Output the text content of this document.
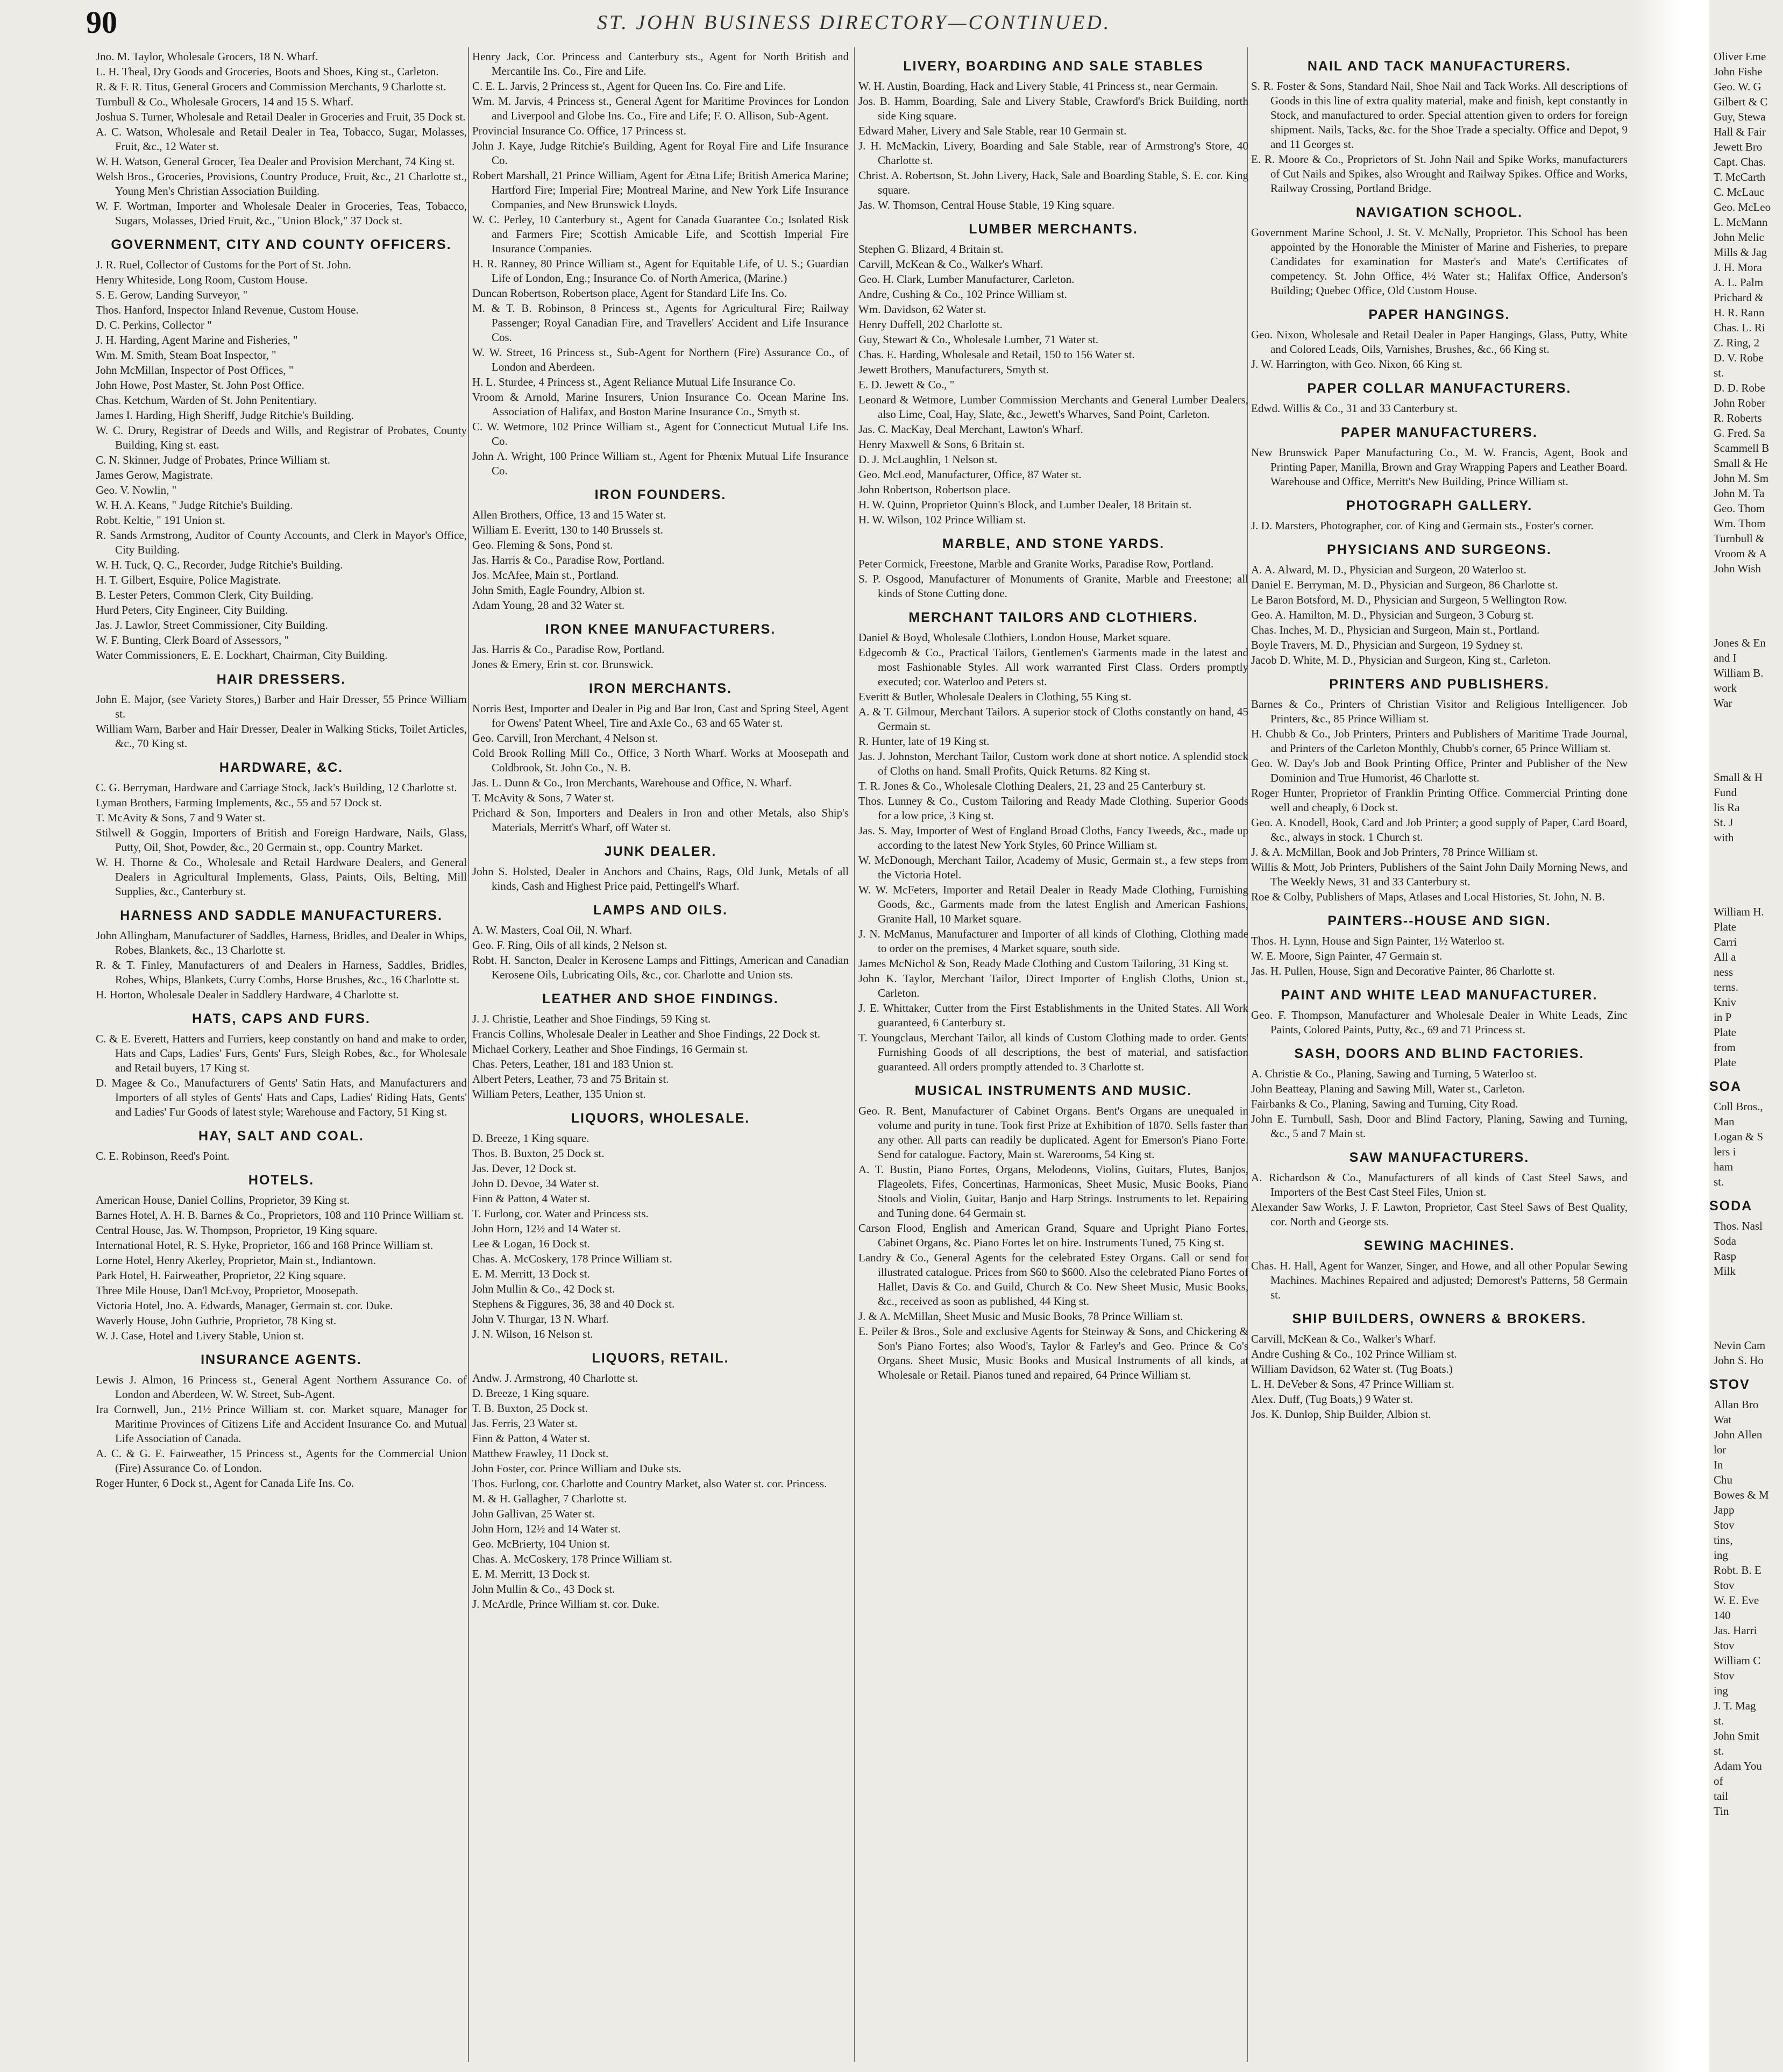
90	ST. JOHN BUSINESS DIRECTORY—CONTINUED.
Jno. M. Taylor, Wholesale Grocers, 18 N. Wharf.
L. H. Theal, Dry Goods and Groceries, Boots and Shoes, King st., Carleton.
R. & F. R. Titus, General Grocers and Commission Merchants, 9 Charlotte st.
Turnbull & Co., Wholesale Grocers, 14 and 15 S. Wharf.
Joshua S. Turner, Wholesale and Retail Dealer in Groceries and Fruit, 35 Dock st.
A. C. Watson, Wholesale and Retail Dealer in Tea, Tobacco, Sugar, Molasses, Fruit, &c., 12 Water st.
W. H. Watson, General Grocer, Tea Dealer and Provision Merchant, 74 King st.
Welsh Bros., Groceries, Provisions, Country Produce, Fruit, &c., 21 Charlotte st., Young Men's Christian Association Building.
W. F. Wortman, Importer and Wholesale Dealer in Groceries, Teas, Tobacco, Sugars, Molasses, Dried Fruit, &c., "Union Block," 37 Dock st.
GOVERNMENT, CITY AND COUNTY OFFICERS.
J. R. Ruel, Collector of Customs for the Port of St. John.
Henry Whiteside, Long Room, Custom House.
S. E. Gerow, Landing Surveyor, "
Thos. Hanford, Inspector Inland Revenue, Custom House.
D. C. Perkins, Collector "
J. H. Harding, Agent Marine and Fisheries, "
Wm. M. Smith, Steam Boat Inspector, "
John McMillan, Inspector of Post Offices, "
John Howe, Post Master, St. John Post Office.
Chas. Ketchum, Warden of St. John Penitentiary.
James I. Harding, High Sheriff, Judge Ritchie's Building.
W. C. Drury, Registrar of Deeds and Wills, and Registrar of Probates, County Building, King st. east.
C. N. Skinner, Judge of Probates, Prince William st.
James Gerow, Magistrate.
Geo. V. Nowlin, "
W. H. A. Keans, " Judge Ritchie's Building.
Robt. Keltie, " 191 Union st.
R. Sands Armstrong, Auditor of County Accounts, and Clerk in Mayor's Office, City Building.
W. H. Tuck, Q. C., Recorder, Judge Ritchie's Building.
H. T. Gilbert, Esquire, Police Magistrate.
B. Lester Peters, Common Clerk, City Building.
Hurd Peters, City Engineer, City Building.
Jas. J. Lawlor, Street Commissioner, City Building.
W. F. Bunting, Clerk Board of Assessors, "
Water Commissioners, E. E. Lockhart, Chairman, City Building.
HAIR DRESSERS.
John E. Major, (see Variety Stores,) Barber and Hair Dresser, 55 Prince William st.
William Warn, Barber and Hair Dresser, Dealer in Walking Sticks, Toilet Articles, &c., 70 King st.
HARDWARE, &C.
C. G. Berryman, Hardware and Carriage Stock, Jack's Building, 12 Charlotte st.
Lyman Brothers, Farming Implements, &c., 55 and 57 Dock st.
T. McAvity & Sons, 7 and 9 Water st.
Stilwell & Goggin, Importers of British and Foreign Hardware, Nails, Glass, Putty, Oil, Shot, Powder, &c., 20 Germain st., opp. Country Market.
W. H. Thorne & Co., Wholesale and Retail Hardware Dealers, and General Dealers in Agricultural Implements, Glass, Paints, Oils, Belting, Mill Supplies, &c., Canterbury st.
HARNESS AND SADDLE MANUFACTURERS.
John Allingham, Manufacturer of Saddles, Harness, Bridles, and Dealer in Whips, Robes, Blankets, &c., 13 Charlotte st.
R. & T. Finley, Manufacturers of and Dealers in Harness, Saddles, Bridles, Robes, Whips, Blankets, Curry Combs, Horse Brushes, &c., 16 Charlotte st.
H. Horton, Wholesale Dealer in Saddlery Hardware, 4 Charlotte st.
HATS, CAPS AND FURS.
C. & E. Everett, Hatters and Furriers, keep constantly on hand and make to order, Hats and Caps, Ladies' Furs, Gents' Furs, Sleigh Robes, &c., for Wholesale and Retail buyers, 17 King st.
D. Magee & Co., Manufacturers of Gents' Satin Hats, and Manufacturers and Importers of all styles of Gents' Hats and Caps, Ladies' Riding Hats, Gents' and Ladies' Fur Goods of latest style; Warehouse and Factory, 51 King st.
HAY, SALT AND COAL.
C. E. Robinson, Reed's Point.
HOTELS.
American House, Daniel Collins, Proprietor, 39 King st.
Barnes Hotel, A. H. B. Barnes & Co., Proprietors, 108 and 110 Prince William st.
Central House, Jas. W. Thompson, Proprietor, 19 King square.
International Hotel, R. S. Hyke, Proprietor, 166 and 168 Prince William st.
Lorne Hotel, Henry Akerley, Proprietor, Main st., Indiantown.
Park Hotel, H. Fairweather, Proprietor, 22 King square.
Three Mile House, Dan'l McEvoy, Proprietor, Moosepath.
Victoria Hotel, Jno. A. Edwards, Manager, Germain st. cor. Duke.
Waverly House, John Guthrie, Proprietor, 78 King st.
W. J. Case, Hotel and Livery Stable, Union st.
INSURANCE AGENTS.
Lewis J. Almon, 16 Princess st., General Agent Northern Assurance Co. of London and Aberdeen, W. W. Street, Sub-Agent.
Ira Cornwell, Jun., 21½ Prince William st. cor. Market square, Manager for Maritime Provinces of Citizens Life and Accident Insurance Co. and Mutual Life Association of Canada.
A. C. & G. E. Fairweather, 15 Princess st., Agents for the Commercial Union (Fire) Assurance Co. of London.
Roger Hunter, 6 Dock st., Agent for Canada Life Ins. Co.
Henry Jack, Cor. Princess and Canterbury sts., Agent for North British and Mercantile Ins. Co., Fire and Life.
C. E. L. Jarvis, 2 Princess st., Agent for Queen Ins. Co. Fire and Life.
Wm. M. Jarvis, 4 Princess st., General Agent for Maritime Provinces for London and Liverpool and Globe Ins. Co., Fire and Life; F. O. Allison, Sub-Agent.
Provincial Insurance Co. Office, 17 Princess st.
John J. Kaye, Judge Ritchie's Building, Agent for Royal Fire and Life Insurance Co.
Robert Marshall, 21 Prince William, Agent for Ætna Life; British America Marine; Hartford Fire; Imperial Fire; Montreal Marine, and New York Life Insurance Companies, and New Brunswick Lloyds.
W. C. Perley, 10 Canterbury st., Agent for Canada Guarantee Co.; Isolated Risk and Farmers Fire; Scottish Amicable Life, and Scottish Imperial Fire Insurance Companies.
H. R. Ranney, 80 Prince William st., Agent for Equitable Life, of U. S.; Guardian Life of London, Eng.; Insurance Co. of North America, (Marine.)
Duncan Robertson, Robertson place, Agent for Standard Life Ins. Co.
M. & T. B. Robinson, 8 Princess st., Agents for Agricultural Fire; Railway Passenger; Royal Canadian Fire, and Travellers' Accident and Life Insurance Cos.
W. W. Street, 16 Princess st., Sub-Agent for Northern (Fire) Assurance Co., of London and Aberdeen.
H. L. Sturdee, 4 Princess st., Agent Reliance Mutual Life Insurance Co.
Vroom & Arnold, Marine Insurers, Union Insurance Co. Ocean Marine Ins. Association of Halifax, and Boston Marine Insurance Co., Smyth st.
C. W. Wetmore, 102 Prince William st., Agent for Connecticut Mutual Life Ins. Co.
John A. Wright, 100 Prince William st., Agent for Phœnix Mutual Life Insurance Co.
IRON FOUNDERS.
Allen Brothers, Office, 13 and 15 Water st.
William E. Everitt, 130 to 140 Brussels st.
Geo. Fleming & Sons, Pond st.
Jas. Harris & Co., Paradise Row, Portland.
Jos. McAfee, Main st., Portland.
John Smith, Eagle Foundry, Albion st.
Adam Young, 28 and 32 Water st.
IRON KNEE MANUFACTURERS.
Jas. Harris & Co., Paradise Row, Portland.
Jones & Emery, Erin st. cor. Brunswick.
IRON MERCHANTS.
Norris Best, Importer and Dealer in Pig and Bar Iron, Cast and Spring Steel, Agent for Owens' Patent Wheel, Tire and Axle Co., 63 and 65 Water st.
Geo. Carvill, Iron Merchant, 4 Nelson st.
Cold Brook Rolling Mill Co., Office, 3 North Wharf. Works at Moosepath and Coldbrook, St. John Co., N. B.
Jas. L. Dunn & Co., Iron Merchants, Warehouse and Office, N. Wharf.
T. McAvity & Sons, 7 Water st.
Prichard & Son, Importers and Dealers in Iron and other Metals, also Ship's Materials, Merritt's Wharf, off Water st.
JUNK DEALER.
John S. Holsted, Dealer in Anchors and Chains, Rags, Old Junk, Metals of all kinds, Cash and Highest Price paid, Pettingell's Wharf.
LAMPS AND OILS.
A. W. Masters, Coal Oil, N. Wharf.
Geo. F. Ring, Oils of all kinds, 2 Nelson st.
Robt. H. Sancton, Dealer in Kerosene Lamps and Fittings, American and Canadian Kerosene Oils, Lubricating Oils, &c., cor. Charlotte and Union sts.
LEATHER AND SHOE FINDINGS.
J. J. Christie, Leather and Shoe Findings, 59 King st.
Francis Collins, Wholesale Dealer in Leather and Shoe Findings, 22 Dock st.
Michael Corkery, Leather and Shoe Findings, 16 Germain st.
Chas. Peters, Leather, 181 and 183 Union st.
Albert Peters, Leather, 73 and 75 Britain st.
William Peters, Leather, 135 Union st.
LIQUORS, WHOLESALE.
D. Breeze, 1 King square.
Thos. B. Buxton, 25 Dock st.
Jas. Dever, 12 Dock st.
John D. Devoe, 34 Water st.
Finn & Patton, 4 Water st.
T. Furlong, cor. Water and Princess sts.
John Horn, 12½ and 14 Water st.
Lee & Logan, 16 Dock st.
Chas. A. McCoskery, 178 Prince William st.
E. M. Merritt, 13 Dock st.
John Mullin & Co., 42 Dock st.
Stephens & Figgures, 36, 38 and 40 Dock st.
John V. Thurgar, 13 N. Wharf.
J. N. Wilson, 16 Nelson st.
LIQUORS, RETAIL.
Andw. J. Armstrong, 40 Charlotte st.
D. Breeze, 1 King square.
T. B. Buxton, 25 Dock st.
Jas. Ferris, 23 Water st.
Finn & Patton, 4 Water st.
Matthew Frawley, 11 Dock st.
John Foster, cor. Prince William and Duke sts.
Thos. Furlong, cor. Charlotte and Country Market, also Water st. cor. Princess.
M. & H. Gallagher, 7 Charlotte st.
John Gallivan, 25 Water st.
John Horn, 12½ and 14 Water st.
Geo. McBrierty, 104 Union st.
Chas. A. McCoskery, 178 Prince William st.
E. M. Merritt, 13 Dock st.
John Mullin & Co., 43 Dock st.
J. McArdle, Prince William st. cor. Duke.
LIVERY, BOARDING AND SALE STABLES
W. H. Austin, Boarding, Hack and Livery Stable, 41 Princess st., near Germain.
Jos. B. Hamm, Boarding, Sale and Livery Stable, Crawford's Brick Building, north side King square.
Edward Maher, Livery and Sale Stable, rear 10 Germain st.
J. H. McMackin, Livery, Boarding and Sale Stable, rear of Armstrong's Store, 40 Charlotte st.
Christ. A. Robertson, St. John Livery, Hack, Sale and Boarding Stable, S. E. cor. King square.
Jas. W. Thomson, Central House Stable, 19 King square.
LUMBER MERCHANTS.
Stephen G. Blizard, 4 Britain st.
Carvill, McKean & Co., Walker's Wharf.
Geo. H. Clark, Lumber Manufacturer, Carleton.
Andre, Cushing & Co., 102 Prince William st.
Wm. Davidson, 62 Water st.
Henry Duffell, 202 Charlotte st.
Guy, Stewart & Co., Wholesale Lumber, 71 Water st.
Chas. E. Harding, Wholesale and Retail, 150 to 156 Water st.
Jewett Brothers, Manufacturers, Smyth st.
E. D. Jewett & Co., "
Leonard & Wetmore, Lumber Commission Merchants and General Lumber Dealers, also Lime, Coal, Hay, Slate, &c., Jewett's Wharves, Sand Point, Carleton.
Jas. C. MacKay, Deal Merchant, Lawton's Wharf.
Henry Maxwell & Sons, 6 Britain st.
D. J. McLaughlin, 1 Nelson st.
Geo. McLeod, Manufacturer, Office, 87 Water st.
John Robertson, Robertson place.
H. W. Quinn, Proprietor Quinn's Block, and Lumber Dealer, 18 Britain st.
H. W. Wilson, 102 Prince William st.
MARBLE, AND STONE YARDS.
Peter Cormick, Freestone, Marble and Granite Works, Paradise Row, Portland.
S. P. Osgood, Manufacturer of Monuments of Granite, Marble and Freestone; all kinds of Stone Cutting done.
MERCHANT TAILORS AND CLOTHIERS.
Daniel & Boyd, Wholesale Clothiers, London House, Market square.
Edgecomb & Co., Practical Tailors, Gentlemen's Garments made in the latest and most Fashionable Styles. All work warranted First Class. Orders promptly executed; cor. Waterloo and Peters st.
Everitt & Butler, Wholesale Dealers in Clothing, 55 King st.
A. & T. Gilmour, Merchant Tailors. A superior stock of Cloths constantly on hand, 45 Germain st.
R. Hunter, late of 19 King st.
Jas. J. Johnston, Merchant Tailor, Custom work done at short notice. A splendid stock of Cloths on hand. Small Profits, Quick Returns. 82 King st.
T. R. Jones & Co., Wholesale Clothing Dealers, 21, 23 and 25 Canterbury st.
Thos. Lunney & Co., Custom Tailoring and Ready Made Clothing. Superior Goods for a low price, 3 King st.
Jas. S. May, Importer of West of England Broad Cloths, Fancy Tweeds, &c., made up according to the latest New York Styles, 60 Prince William st.
W. McDonough, Merchant Tailor, Academy of Music, Germain st., a few steps from the Victoria Hotel.
W. W. McFeters, Importer and Retail Dealer in Ready Made Clothing, Furnishing Goods, &c., Garments made from the latest English and American Fashions, Granite Hall, 10 Market square.
J. N. McManus, Manufacturer and Importer of all kinds of Clothing, Clothing made to order on the premises, 4 Market square, south side.
James McNichol & Son, Ready Made Clothing and Custom Tailoring, 31 King st.
John K. Taylor, Merchant Tailor, Direct Importer of English Cloths, Union st., Carleton.
J. E. Whittaker, Cutter from the First Establishments in the United States. All Work guaranteed, 6 Canterbury st.
T. Youngclaus, Merchant Tailor, all kinds of Custom Clothing made to order. Gents' Furnishing Goods of all descriptions, the best of material, and satisfaction guaranteed. All orders promptly attended to. 3 Charlotte st.
MUSICAL INSTRUMENTS AND MUSIC.
Geo. R. Bent, Manufacturer of Cabinet Organs. Bent's Organs are unequaled in volume and purity in tune. Took first Prize at Exhibition of 1870. Sells faster than any other. All parts can readily be duplicated. Agent for Emerson's Piano Forte. Send for catalogue. Factory, Main st. Warerooms, 54 King st.
A. T. Bustin, Piano Fortes, Organs, Melodeons, Violins, Guitars, Flutes, Banjos, Flageolets, Fifes, Concertinas, Harmonicas, Sheet Music, Music Books, Piano Stools and Violin, Guitar, Banjo and Harp Strings. Instruments to let. Repairing and Tuning done. 64 Germain st.
Carson Flood, English and American Grand, Square and Upright Piano Fortes, Cabinet Organs, &c. Piano Fortes let on hire. Instruments Tuned, 75 King st.
Landry & Co., General Agents for the celebrated Estey Organs. Call or send for illustrated catalogue. Prices from $60 to $600. Also the celebrated Piano Fortes of Hallet, Davis & Co. and Guild, Church & Co. New Sheet Music, Music Books, &c., received as soon as published, 44 King st.
J. & A. McMillan, Sheet Music and Music Books, 78 Prince William st.
E. Peiler & Bros., Sole and exclusive Agents for Steinway & Sons, and Chickering & Son's Piano Fortes; also Wood's, Taylor & Farley's and Geo. Prince & Co's Organs. Sheet Music, Music Books and Musical Instruments of all kinds, at Wholesale or Retail. Pianos tuned and repaired, 64 Prince William st.
NAIL AND TACK MANUFACTURERS.
S. R. Foster & Sons, Standard Nail, Shoe Nail and Tack Works. All descriptions of Goods in this line of extra quality material, make and finish, kept constantly in Stock, and manufactured to order. Special attention given to orders for foreign shipment. Nails, Tacks, &c. for the Shoe Trade a specialty. Office and Depot, 9 and 11 Georges st.
E. R. Moore & Co., Proprietors of St. John Nail and Spike Works, manufacturers of Cut Nails and Spikes, also Wrought and Railway Spikes. Office and Works, Railway Crossing, Portland Bridge.
NAVIGATION SCHOOL.
Government Marine School, J. St. V. McNally, Proprietor. This School has been appointed by the Honorable the Minister of Marine and Fisheries, to prepare Candidates for examination for Master's and Mate's Certificates of competency. St. John Office, 4½ Water st.; Halifax Office, Anderson's Building; Quebec Office, Old Custom House.
PAPER HANGINGS.
Geo. Nixon, Wholesale and Retail Dealer in Paper Hangings, Glass, Putty, White and Colored Leads, Oils, Varnishes, Brushes, &c., 66 King st.
J. W. Harrington, with Geo. Nixon, 66 King st.
PAPER COLLAR MANUFACTURERS.
Edwd. Willis & Co., 31 and 33 Canterbury st.
PAPER MANUFACTURERS.
New Brunswick Paper Manufacturing Co., M. W. Francis, Agent, Book and Printing Paper, Manilla, Brown and Gray Wrapping Papers and Leather Board. Warehouse and Office, Merritt's New Building, Prince William st.
PHOTOGRAPH GALLERY.
J. D. Marsters, Photographer, cor. of King and Germain sts., Foster's corner.
PHYSICIANS AND SURGEONS.
A. A. Alward, M. D., Physician and Surgeon, 20 Waterloo st.
Daniel E. Berryman, M. D., Physician and Surgeon, 86 Charlotte st.
Le Baron Botsford, M. D., Physician and Surgeon, 5 Wellington Row.
Geo. A. Hamilton, M. D., Physician and Surgeon, 3 Coburg st.
Chas. Inches, M. D., Physician and Surgeon, Main st., Portland.
Boyle Travers, M. D., Physician and Surgeon, 19 Sydney st.
Jacob D. White, M. D., Physician and Surgeon, King st., Carleton.
PRINTERS AND PUBLISHERS.
Barnes & Co., Printers of Christian Visitor and Religious Intelligencer. Job Printers, &c., 85 Prince William st.
H. Chubb & Co., Job Printers, Printers and Publishers of Maritime Trade Journal, and Printers of the Carleton Monthly, Chubb's corner, 65 Prince William st.
Geo. W. Day's Job and Book Printing Office, Printer and Publisher of the New Dominion and True Humorist, 46 Charlotte st.
Roger Hunter, Proprietor of Franklin Printing Office. Commercial Printing done well and cheaply, 6 Dock st.
Geo. A. Knodell, Book, Card and Job Printer; a good supply of Paper, Card Board, &c., always in stock. 1 Church st.
J. & A. McMillan, Book and Job Printers, 78 Prince William st.
Willis & Mott, Job Printers, Publishers of the Saint John Daily Morning News, and The Weekly News, 31 and 33 Canterbury st.
Roe & Colby, Publishers of Maps, Atlases and Local Histories, St. John, N. B.
PAINTERS--HOUSE AND SIGN.
Thos. H. Lynn, House and Sign Painter, 1½ Waterloo st.
W. E. Moore, Sign Painter, 47 Germain st.
Jas. H. Pullen, House, Sign and Decorative Painter, 86 Charlotte st.
PAINT AND WHITE LEAD MANUFACTURER.
Geo. F. Thompson, Manufacturer and Wholesale Dealer in White Leads, Zinc Paints, Colored Paints, Putty, &c., 69 and 71 Princess st.
SASH, DOORS AND BLIND FACTORIES.
A. Christie & Co., Planing, Sawing and Turning, 5 Waterloo st.
John Beatteay, Planing and Sawing Mill, Water st., Carleton.
Fairbanks & Co., Planing, Sawing and Turning, City Road.
John E. Turnbull, Sash, Door and Blind Factory, Planing, Sawing and Turning, &c., 5 and 7 Main st.
SAW MANUFACTURERS.
A. Richardson & Co., Manufacturers of all kinds of Cast Steel Saws, and Importers of the Best Cast Steel Files, Union st.
Alexander Saw Works, J. F. Lawton, Proprietor, Cast Steel Saws of Best Quality, cor. North and George sts.
SEWING MACHINES.
Chas. H. Hall, Agent for Wanzer, Singer, and Howe, and all other Popular Sewing Machines. Machines Repaired and adjusted; Demorest's Patterns, 58 Germain st.
SHIP BUILDERS, OWNERS & BROKERS.
Carvill, McKean & Co., Walker's Wharf.
Andre Cushing & Co., 102 Prince William st.
William Davidson, 62 Water st. (Tug Boats.)
L. H. DeVeber & Sons, 47 Prince William st.
Alex. Duff, (Tug Boats,) 9 Water st.
Jos. K. Dunlop, Ship Builder, Albion st.
Oliver Eme
John Fishe
Geo. W. G
Gilbert & C
Guy, Stewa
Hall & Fair
Jewett Bro
Capt. Chas.
T. McCarth
C. McLauc
Geo. McLeo
L. McMann
John Melic
Mills & Jag
J. H. Mora
A. L. Palm
Prichard &
H. R. Rann
Chas. L. Ri
Z. Ring, 2
D. V. Robe
st.
D. D. Robe
John Rober
R. Roberts
G. Fred. Sa
Scammell B
Small & He
John M. Sm
John M. Ta
Geo. Thom
Wm. Thom
Turnbull &
Vroom & A
John Wish
Jones & En
and I
William B.
work
War
Small & H
Fund
lis Ra
St. J
with
William H.
Plate
Carri
All a
ness
terns.
Kniv
in P
Plate
from
Plate
SOA
Coll Bros.,
Man
Logan & S
lers i
ham
st.
SODA
Thos. Nasl
Soda
Rasp
Milk
Nevin Cam
John S. Ho
STOV
Allan Bro
Wat
John Allen
lor
In
Chu
Bowes & M
Japp
Stov
tins,
ing
Robt. B. E
Stov
W. E. Eve
140
Jas. Harri
Stov
William C
Stov
ing
J. T. Mag
st.
John Smit
st.
Adam You
of
tail
Tin
